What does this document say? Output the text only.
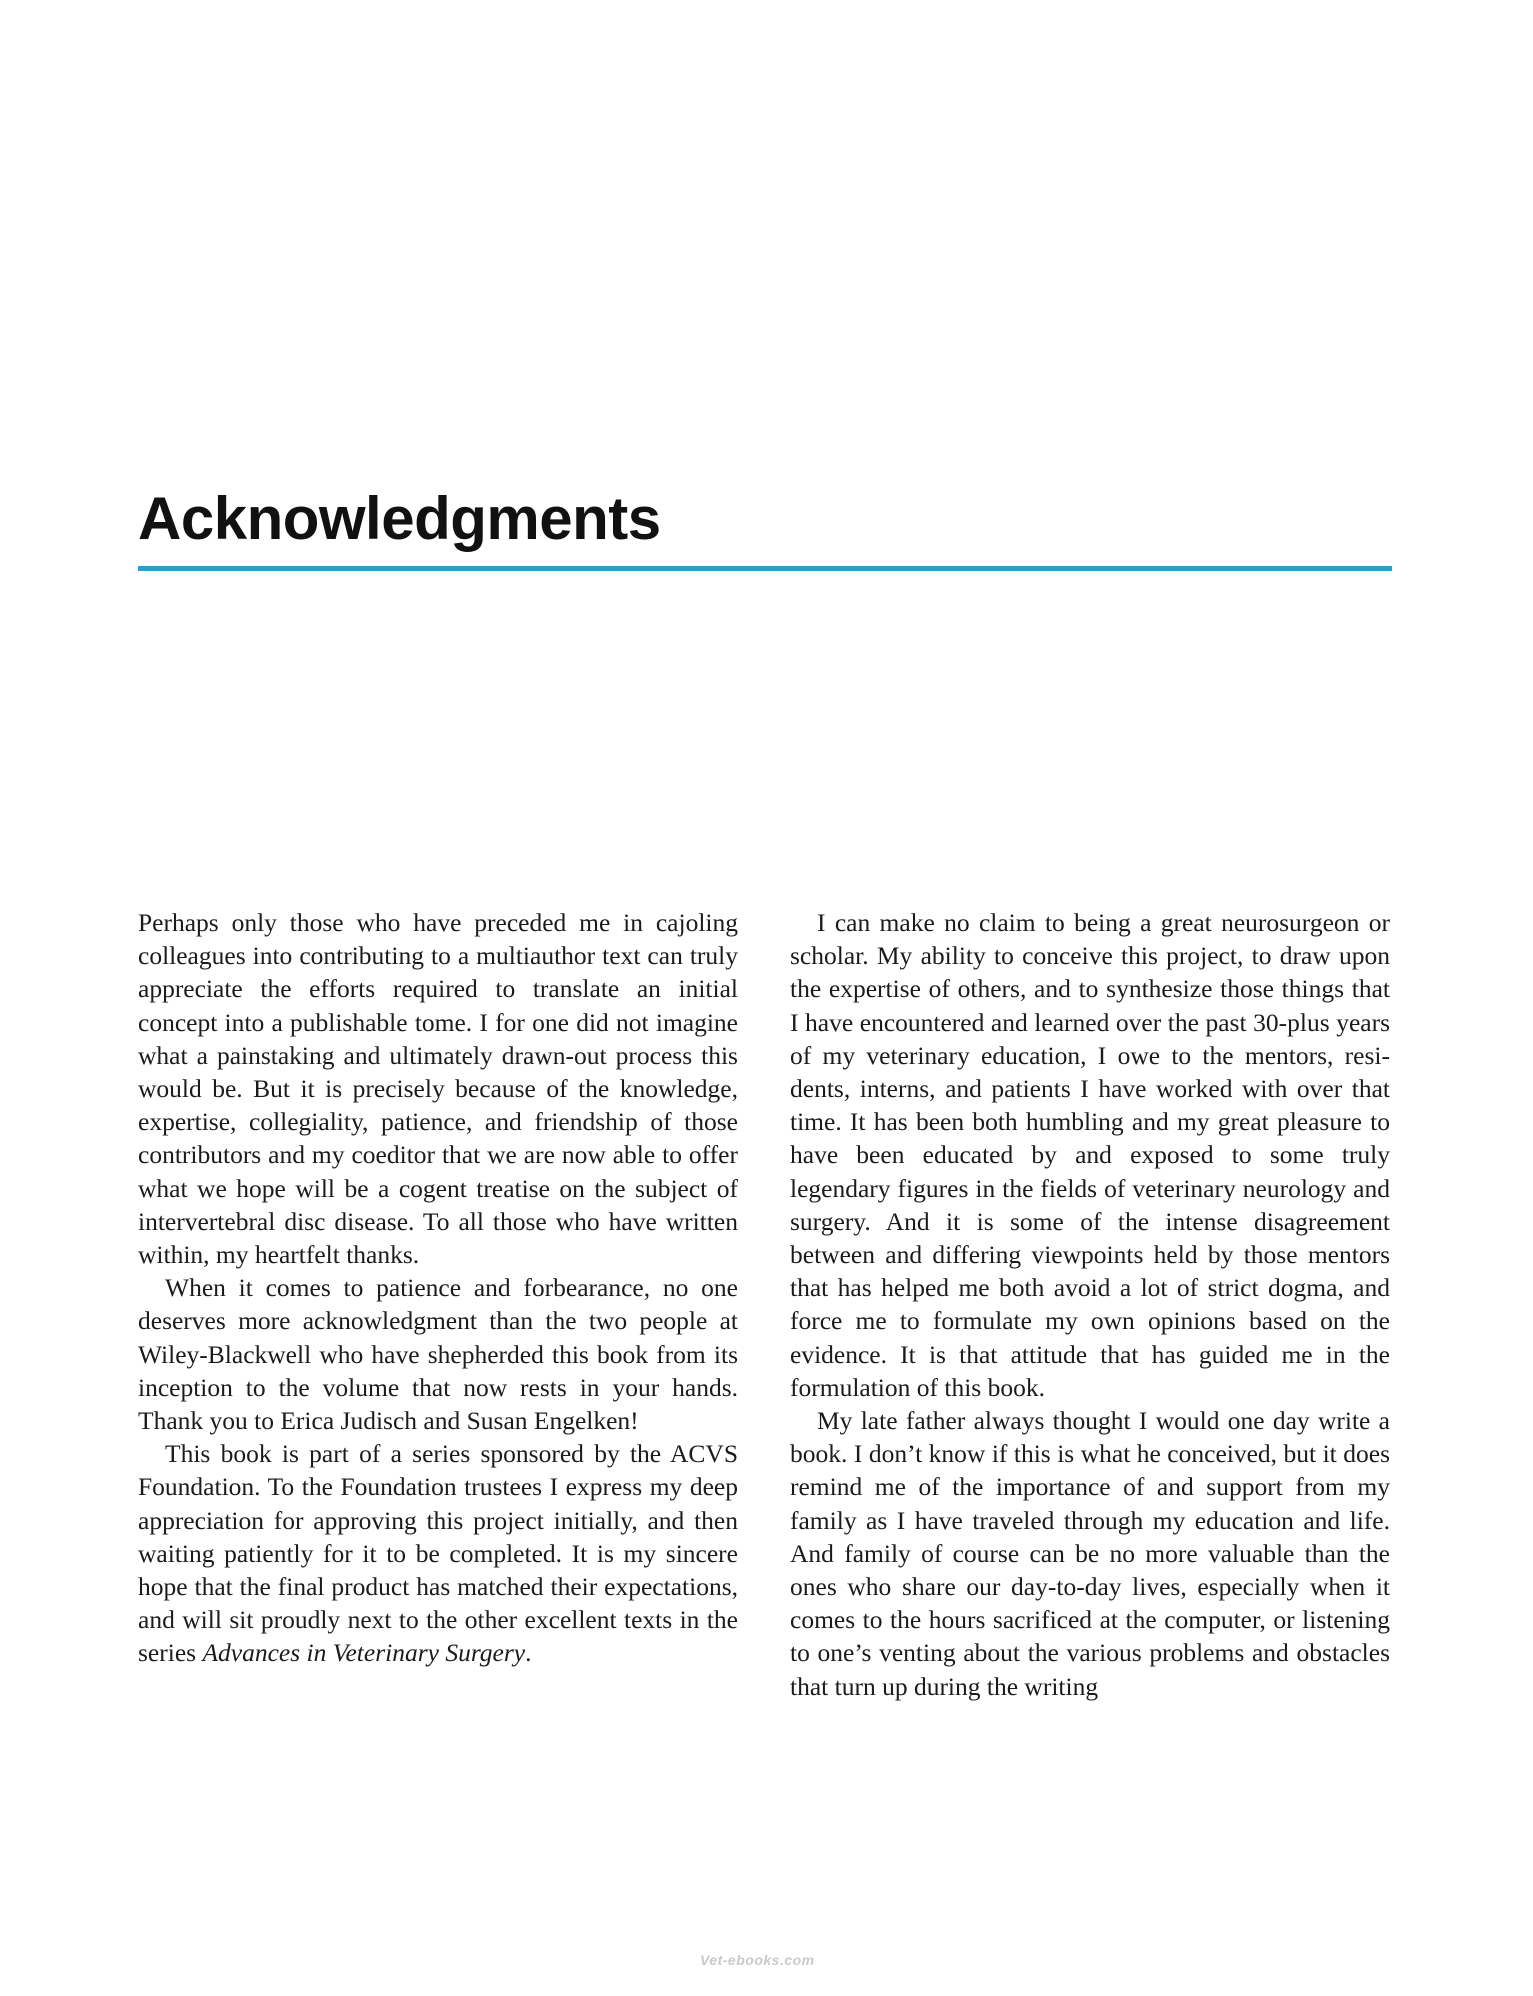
Acknowledgments

Perhaps only those who have preceded me in cajoling colleagues into contributing to a multiauthor text can truly appreciate the efforts required to translate an initial concept into a publishable tome. I for one did not imagine what a painstaking and ultimately drawn-out process this would be. But it is precisely because of the knowledge, expertise, collegiality, patience, and friendship of those contributors and my coeditor that we are now able to offer what we hope will be a cogent treatise on the subject of intervertebral disc disease. To all those who have written within, my heartfelt thanks.

When it comes to patience and forbearance, no one deserves more acknowledgment than the two people at Wiley-Blackwell who have shepherded this book from its inception to the volume that now rests in your hands. Thank you to Erica Judisch and Susan Engelken!

This book is part of a series sponsored by the ACVS Foundation. To the Foundation trustees I express my deep appreciation for approving this project initially, and then waiting patiently for it to be completed. It is my sincere hope that the final product has matched their expectations, and will sit proudly next to the other excellent texts in the series Advances in Veterinary Surgery.

I can make no claim to being a great neurosurgeon or scholar. My ability to conceive this project, to draw upon the expertise of others, and to synthesize those things that I have encountered and learned over the past 30-plus years of my veterinary education, I owe to the mentors, residents, interns, and patients I have worked with over that time. It has been both humbling and my great pleasure to have been educated by and exposed to some truly legendary figures in the fields of veterinary neurology and surgery. And it is some of the intense disagreement between and differing viewpoints held by those mentors that has helped me both avoid a lot of strict dogma, and force me to formulate my own opinions based on the evidence. It is that attitude that has guided me in the formulation of this book.

My late father always thought I would one day write a book. I don’t know if this is what he conceived, but it does remind me of the importance of and support from my family as I have traveled through my education and life. And family of course can be no more valuable than the ones who share our day-to-day lives, especially when it comes to the hours sacrificed at the computer, or listening to one’s venting about the various problems and obstacles that turn up during the writing

Vet-ebooks.com
